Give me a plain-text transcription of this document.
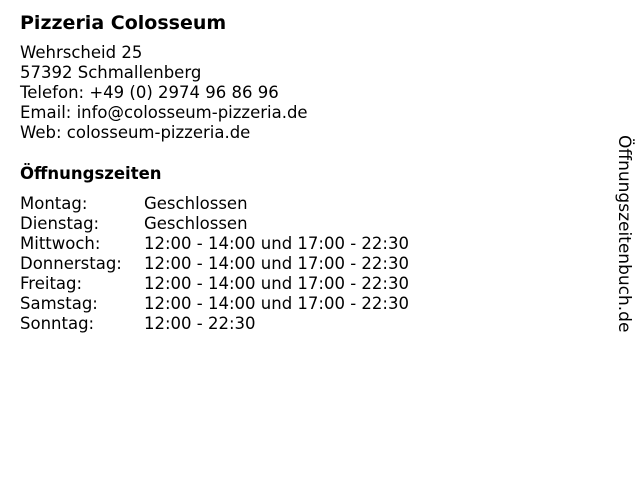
Pizzeria Colosseum
Wehrscheid 25
57392 Schmallenberg
Telefon: +49 (0) 2974 96 86 96
Email: info@colosseum-pizzeria.de
Web: colosseum-pizzeria.de
Öffnungszeiten
Montag:	Geschlossen
Dienstag:	Geschlossen
Mittwoch:	12:00 - 14:00 und 17:00 - 22:30
Donnerstag:	12:00 - 14:00 und 17:00 - 22:30
Freitag:	12:00 - 14:00 und 17:00 - 22:30
Samstag:	12:00 - 14:00 und 17:00 - 22:30
Sonntag:	12:00 - 22:30	Öffnungszeitenbuch.de
